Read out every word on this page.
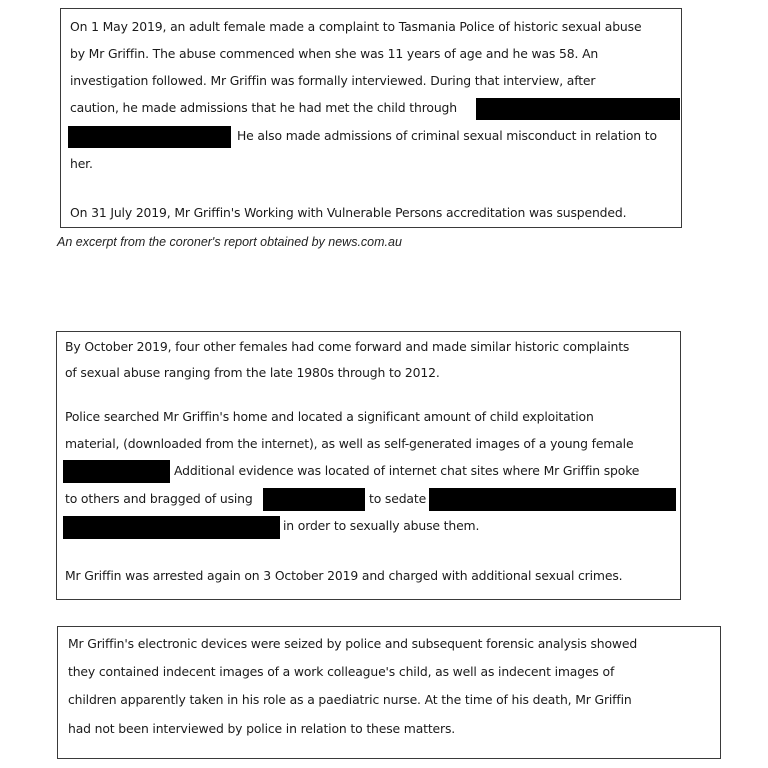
On 1 May 2019, an adult female made a complaint to Tasmania Police of historic sexual abuse
by Mr Griffin. The abuse commenced when she was 11 years of age and he was 58. An
investigation followed. Mr Griffin was formally interviewed. During that interview, after
caution, he made admissions that he had met the child through
He also made admissions of criminal sexual misconduct in relation to
her.
On 31 July 2019, Mr Griffin's Working with Vulnerable Persons accreditation was suspended.
An excerpt from the coroner's report obtained by news.com.au
By October 2019, four other females had come forward and made similar historic complaints
of sexual abuse ranging from the late 1980s through to 2012.
Police searched Mr Griffin's home and located a significant amount of child exploitation
material, (downloaded from the internet), as well as self-generated images of a young female
Additional evidence was located of internet chat sites where Mr Griffin spoke
to others and bragged of using	to sedate
in order to sexually abuse them.
Mr Griffin was arrested again on 3 October 2019 and charged with additional sexual crimes.
Mr Griffin's electronic devices were seized by police and subsequent forensic analysis showed
they contained indecent images of a work colleague's child, as well as indecent images of
children apparently taken in his role as a paediatric nurse. At the time of his death, Mr Griffin
had not been interviewed by police in relation to these matters.
